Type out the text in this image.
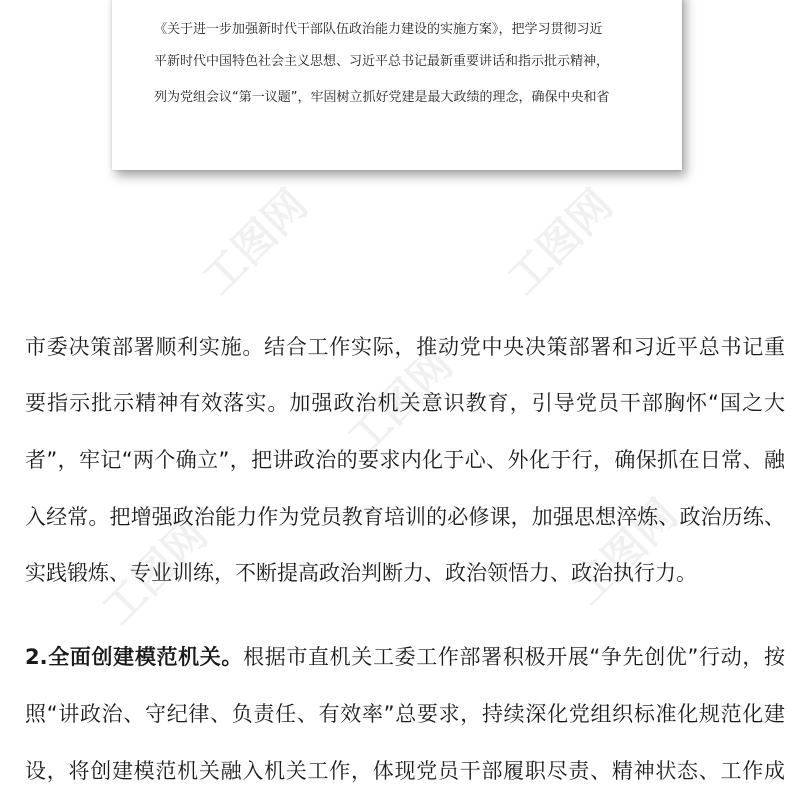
《关于进一步加强新时代干部队伍政治能力建设的实施方案》，把学习贯彻习近
平新时代中国特色社会主义思想、习近平总书记最新重要讲话和指示批示精神，
列为党组会议“第一议题”，牢固树立抓好党建是最大政绩的理念，确保中央和省
工图网	工图网
工图网
工图网	工图网
市委决策部署顺利实施。结合工作实际，推动党中央决策部署和习近平总书记重
要指示批示精神有效落实。加强政治机关意识教育，引导党员干部胸怀“国之大
者”，牢记“两个确立”，把讲政治的要求内化于心、外化于行，确保抓在日常、融
入经常。把增强政治能力作为党员教育培训的必修课，加强思想淬炼、政治历练、
实践锻炼、专业训练，不断提高政治判断力、政治领悟力、政治执行力。
2.全面创建模范机关。根据市直机关工委工作部署积极开展“争先创优”行动，按
照“讲政治、守纪律、负责任、有效率”总要求，持续深化党组织标准化规范化建
设，将创建模范机关融入机关工作，体现党员干部履职尽责、精神状态、工作成
